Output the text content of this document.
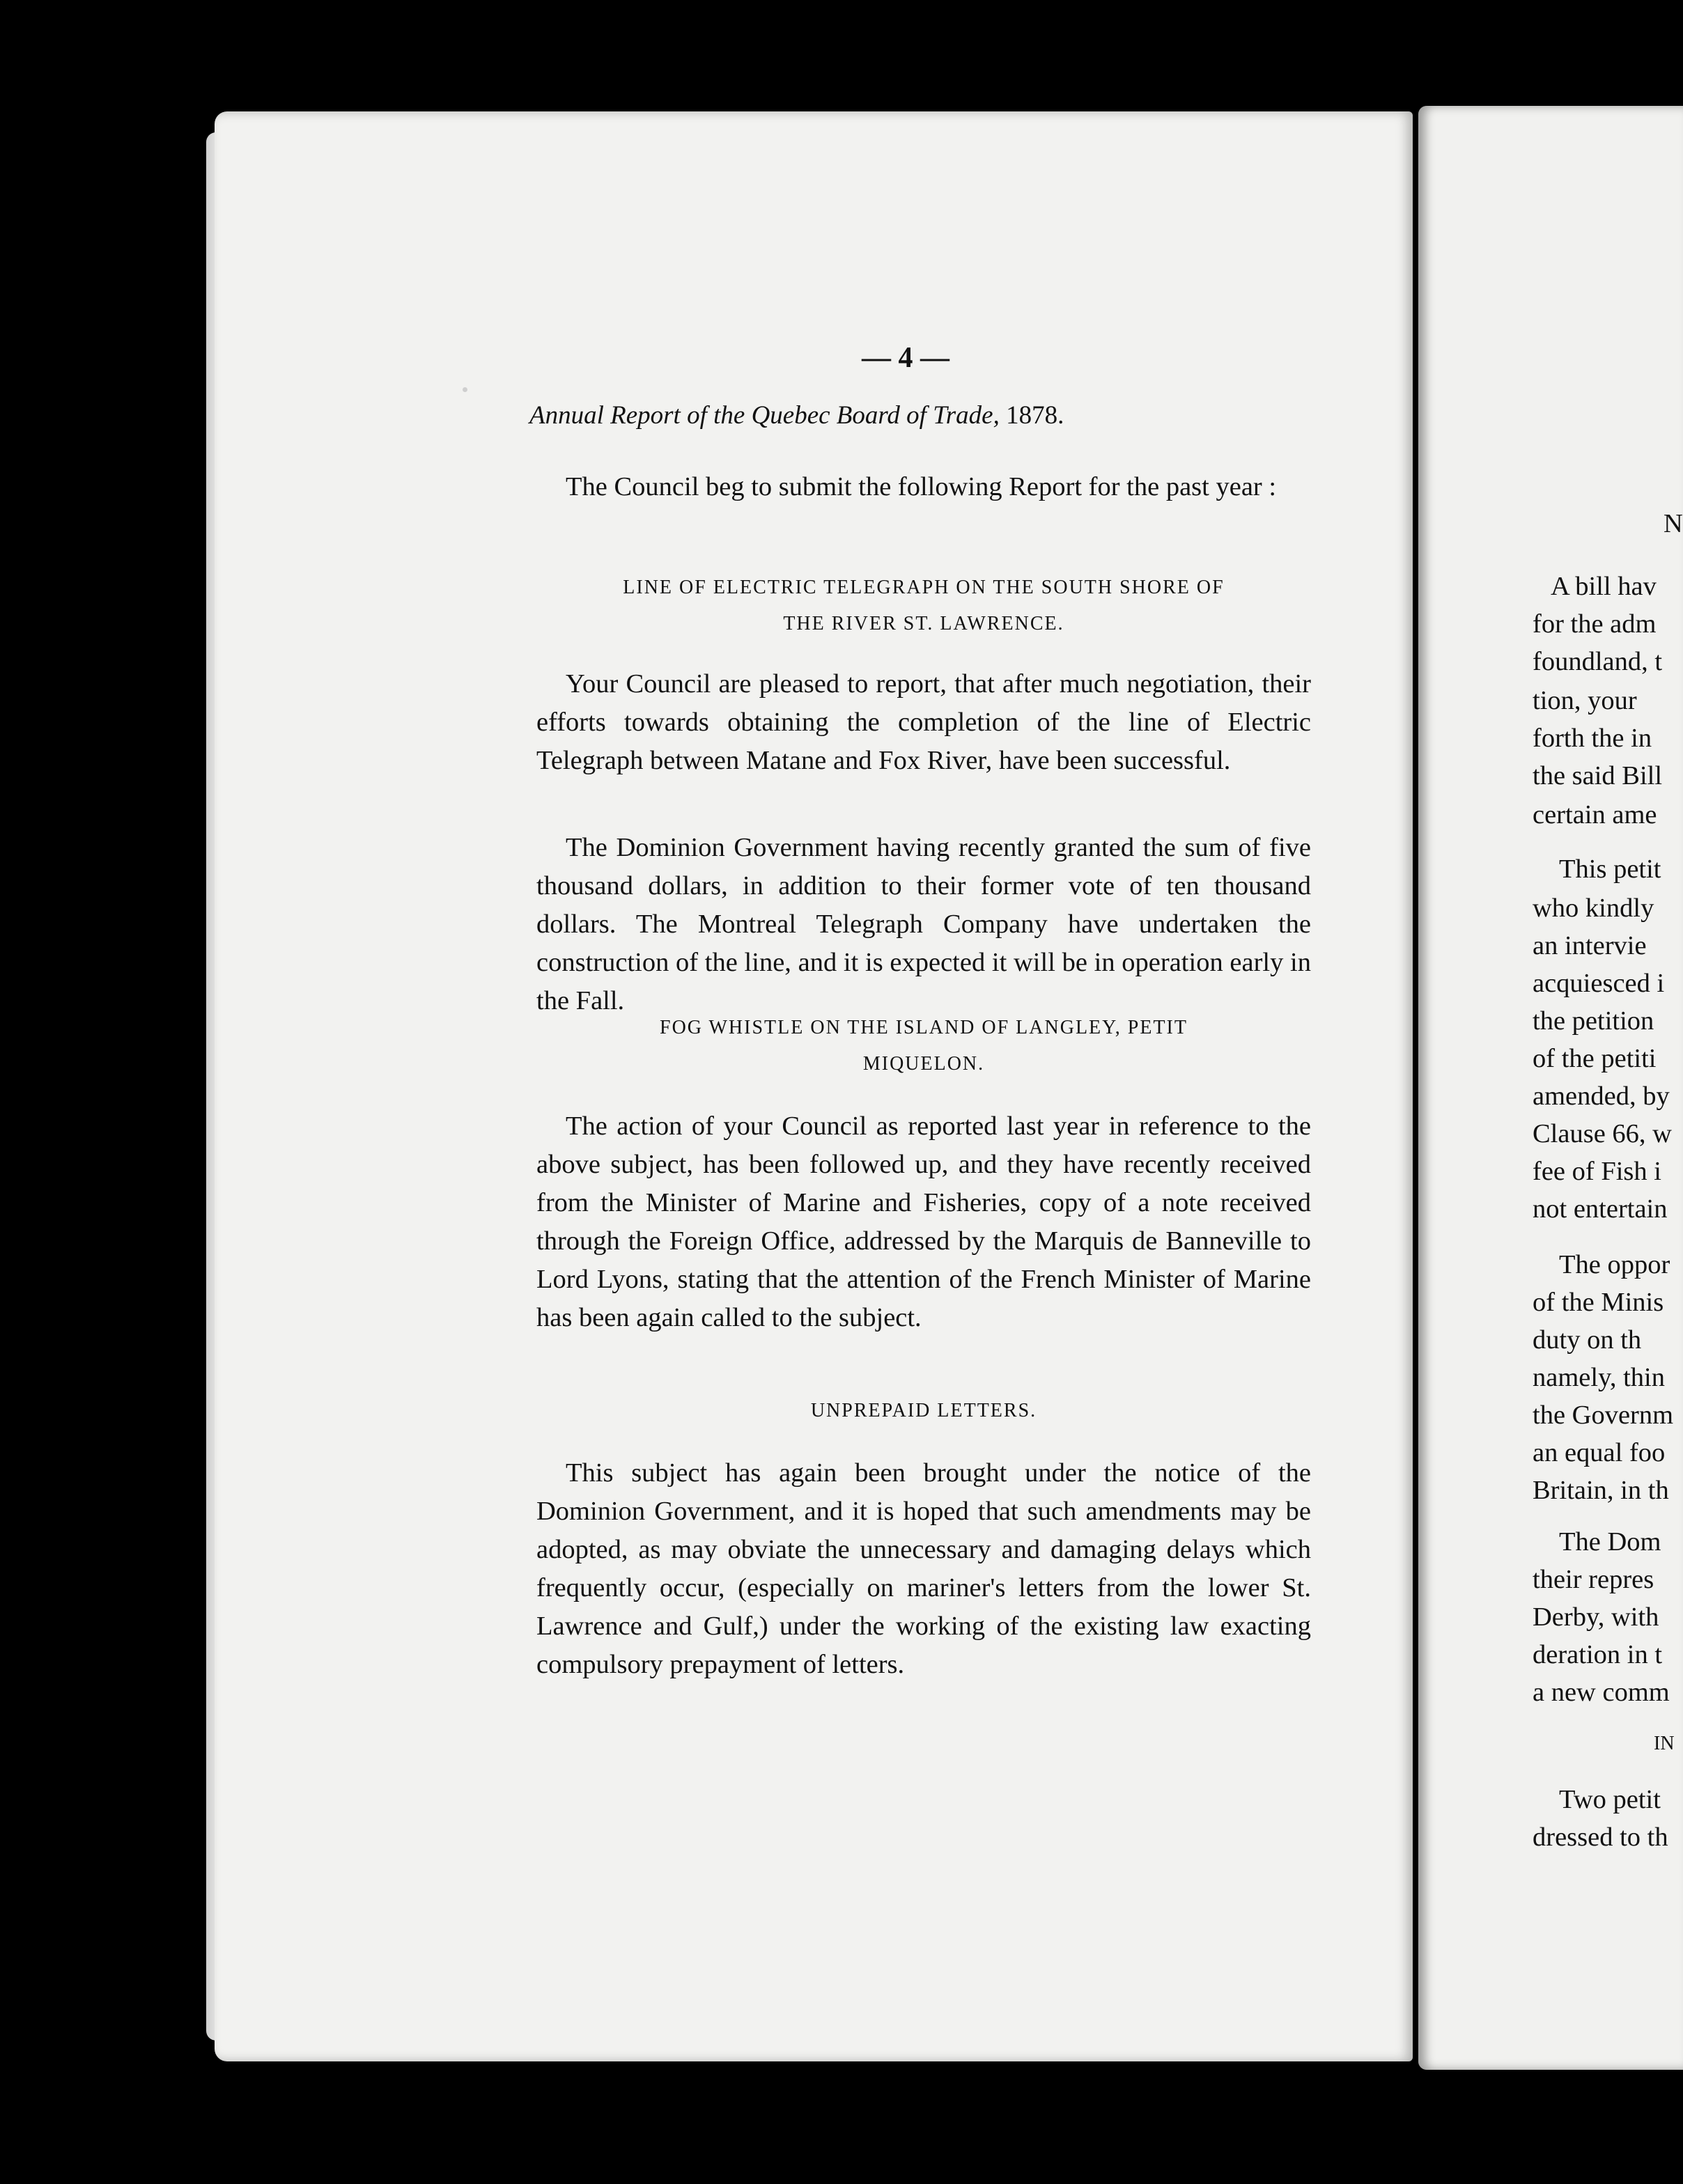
— 4 —
Annual Report of the Quebec Board of Trade, 1878.

The Council beg to submit the following Report for the past year :

LINE OF ELECTRIC TELEGRAPH ON THE SOUTH SHORE OF

THE RIVER ST. LAWRENCE.

Your Council are pleased to report, that after much negotiation, their efforts towards obtaining the completion of the line of Electric Telegraph between Matane and Fox River, have been successful.

The Dominion Government having recently granted the sum of five thousand dollars, in addition to their former vote of ten thousand dollars. The Montreal Telegraph Company have undertaken the construction of the line, and it is expected it will be in operation early in the Fall.

FOG WHISTLE ON THE ISLAND OF LANGLEY, PETIT

MIQUELON.

The action of your Council as reported last year in reference to the above subject, has been followed up, and they have recently received from the Minister of Marine and Fisheries, copy of a note received through the Foreign Office, addressed by the Marquis de Banneville to Lord Lyons, stating that the attention of the French Minister of Marine has been again called to the subject.

UNPREPAID LETTERS.

This subject has again been brought under the notice of the Dominion Government, and it is hoped that such amendments may be adopted, as may obviate the unnecessary and damaging delays which frequently occur, (especially on mariner's letters from the lower St. Lawrence and Gulf,) under the working of the existing law exacting compulsory prepayment of letters.

N
A bill hav
for the adm
foundland, t
tion, your
forth the in
the said Bill
certain ame
This petit
who kindly
an intervie
acquiesced i
the petition
of the petiti
amended, by
Clause 66, w
fee of Fish i
not entertain
The oppor
of the Minis
duty on th
namely, thin
the Governm
an equal foo
Britain, in th
The Dom
their repres
Derby, with
deration in t
a new comm
IN
Two petit
dressed to th
